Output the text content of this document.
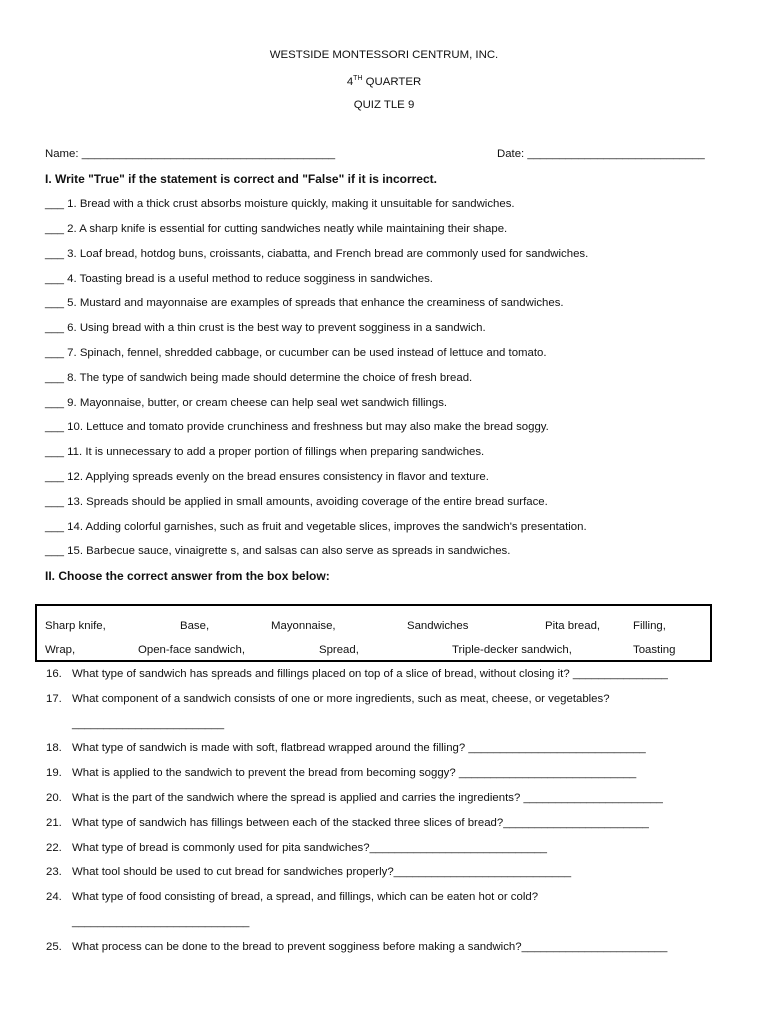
WESTSIDE MONTESSORI CENTRUM, INC.
4TH QUARTER
QUIZ TLE 9
Name: ________________________________________	Date: ____________________________
I. Write "True" if the statement is correct and "False" if it is incorrect.
___ 1. Bread with a thick crust absorbs moisture quickly, making it unsuitable for sandwiches.
___ 2. A sharp knife is essential for cutting sandwiches neatly while maintaining their shape.
___ 3. Loaf bread, hotdog buns, croissants, ciabatta, and French bread are commonly used for sandwiches.
___ 4. Toasting bread is a useful method to reduce sogginess in sandwiches.
___ 5. Mustard and mayonnaise are examples of spreads that enhance the creaminess of sandwiches.
___ 6. Using bread with a thin crust is the best way to prevent sogginess in a sandwich.
___ 7. Spinach, fennel, shredded cabbage, or cucumber can be used instead of lettuce and tomato.
___ 8. The type of sandwich being made should determine the choice of fresh bread.
___ 9. Mayonnaise, butter, or cream cheese can help seal wet sandwich fillings.
___ 10. Lettuce and tomato provide crunchiness and freshness but may also make the bread soggy.
___ 11. It is unnecessary to add a proper portion of fillings when preparing sandwiches.
___ 12. Applying spreads evenly on the bread ensures consistency in flavor and texture.
___ 13. Spreads should be applied in small amounts, avoiding coverage of the entire bread surface.
___ 14. Adding colorful garnishes, such as fruit and vegetable slices, improves the sandwich's presentation.
___ 15. Barbecue sauce, vinaigrette s, and salsas can also serve as spreads in sandwiches.
II. Choose the correct answer from the box below:
Sharp knife,	Base,	Mayonnaise,	Sandwiches	Pita bread,	Filling,
Wrap,	Open-face sandwich,	Spread,	Triple-decker sandwich,	Toasting
16. What type of sandwich has spreads and fillings placed on top of a slice of bread, without closing it? _______________
17. What component of a sandwich consists of one or more ingredients, such as meat, cheese, or vegetables?
________________________
18. What type of sandwich is made with soft, flatbread wrapped around the filling? ____________________________
19. What is applied to the sandwich to prevent the bread from becoming soggy? ____________________________
20. What is the part of the sandwich where the spread is applied and carries the ingredients? ______________________
21. What type of sandwich has fillings between each of the stacked three slices of bread?_______________________
22. What type of bread is commonly used for pita sandwiches?____________________________
23. What tool should be used to cut bread for sandwiches properly?____________________________
24. What type of food consisting of bread, a spread, and fillings, which can be eaten hot or cold?
____________________________
25. What process can be done to the bread to prevent sogginess before making a sandwich?_______________________
